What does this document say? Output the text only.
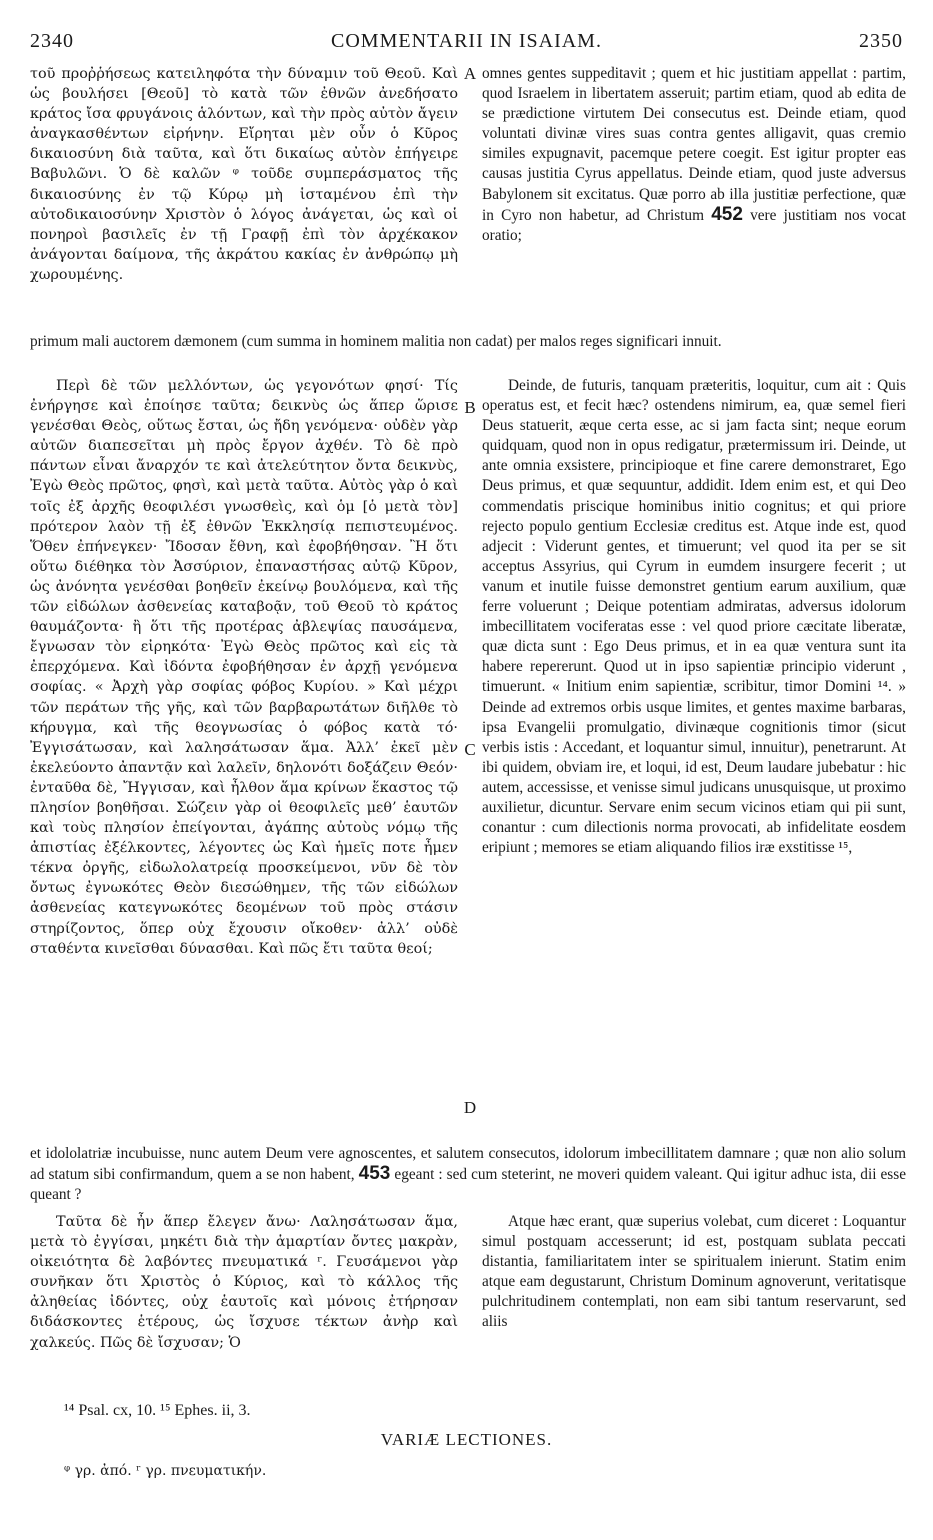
2340	COMMENTARII IN ISAIAM.	2350

τοῦ προῤῥήσεως κατειληφότα τὴν δύναμιν τοῦ Θεοῦ. Καὶ ὡς βουλήσει [Θεοῦ] τὸ κατὰ τῶν ἐθνῶν ἀνεδήσατο κράτος ἴσα φρυγάνοις ἁλόντων, καὶ τὴν πρὸς αὐτὸν ἄγειν ἀναγκασθέντων εἰρήνην. Εἴρηται μὲν οὖν ὁ Κῦρος δικαιοσύνη διὰ ταῦτα, καὶ ὅτι δικαίως αὐτὸν ἐπήγειρε Βαβυλῶνι. Ὁ δὲ καλῶν ᵠ τοῦδε συμπεράσματος τῆς δικαιοσύνης ἐν τῷ Κύρῳ μὴ ἱσταμένου ἐπὶ τὴν αὐτοδικαιοσύνην Χριστὸν ὁ λόγος ἀνάγεται, ὡς καὶ οἱ πονηροὶ βασιλεῖς ἐν τῇ Γραφῇ ἐπὶ τὸν ἀρχέκακον ἀνάγονται δαίμονα, τῆς ἀκράτου κακίας ἐν ἀνθρώπῳ μὴ χωρουμένης.

A omnes gentes suppeditavit ; quem et hic justitiam appellat : partim, quod Israelem in libertatem asseruit; partim etiam, quod ab edita de se prædictione virtutem Dei consecutus est. Deinde etiam, quod voluntati divinæ vires suas contra gentes alligavit, quas cremio similes expugnavit, pacemque petere coegit. Est igitur propter eas causas justitia Cyrus appellatus. Deinde etiam, quod juste adversus Babylonem sit excitatus. Quæ porro ab illa justitiæ perfectione, quæ in Cyro non habetur, ad Christum 452 vere justitiam nos vocat oratio;

primum mali auctorem dæmonem (cum summa in hominem malitia non cadat) per malos reges significari innuit.

Περὶ δὲ τῶν μελλόντων, ὡς γεγονότων φησί· Τίς ἐνήργησε καὶ ἐποίησε ταῦτα; δεικνὺς ὡς ἅπερ ὥρισε γενέσθαι Θεὸς, οὕτως ἔσται, ὡς ἤδη γενόμενα· οὐδὲν γὰρ αὐτῶν διαπεσεῖται μὴ πρὸς ἔργον ἀχθέν. Τὸ δὲ πρὸ πάντων εἶναι ἄναρχόν τε καὶ ἀτελεύτητον ὄντα δεικνὺς, Ἐγὼ Θεὸς πρῶτος, φησὶ, καὶ μετὰ ταῦτα. Αὐτὸς γὰρ ὁ καὶ τοῖς ἐξ ἀρχῆς θεοφιλέσι γνωσθεὶς, καὶ ὁμ [ὁ μετὰ τὸν] πρότερον λαὸν τῇ ἐξ ἐθνῶν Ἐκκλησίᾳ πεπιστευμένος. Ὅθεν ἐπήνεγκεν· Ἴδοσαν ἔθνη, καὶ ἐφοβήθησαν. Ἢ ὅτι οὕτω διέθηκα τὸν Ἀσσύριον, ἐπαναστήσας αὐτῷ Κῦρον, ὡς ἀνόνητα γενέσθαι βοηθεῖν ἐκείνῳ βουλόμενα, καὶ τῆς τῶν εἰδώλων ἀσθενείας καταβοᾷν, τοῦ Θεοῦ τὸ κράτος θαυμάζοντα· ἢ ὅτι τῆς προτέρας ἀβλεψίας παυσάμενα, ἔγνωσαν τὸν εἰρηκότα· Ἐγὼ Θεὸς πρῶτος καὶ εἰς τὰ ἐπερχόμενα. Καὶ ἰδόντα ἐφοβήθησαν ἐν ἀρχῇ γενόμενα σοφίας. « Ἀρχὴ γὰρ σοφίας φόβος Κυρίου. » Καὶ μέχρι τῶν περάτων τῆς γῆς, καὶ τῶν βαρβαρωτάτων διῆλθε τὸ κήρυγμα, καὶ τῆς θεογνωσίας ὁ φόβος κατὰ τό· Ἐγγισάτωσαν, καὶ λαλησάτωσαν ἅμα. Ἀλλ’ ἐκεῖ μὲν ἐκελεύοντο ἀπαντᾷν καὶ λαλεῖν, δηλονότι δοξάζειν Θεόν· ἐνταῦθα δὲ, Ἤγγισαν, καὶ ἦλθον ἅμα κρίνων ἕκαστος τῷ πλησίον βοηθῆσαι. Σώζειν γὰρ οἱ θεοφιλεῖς μεθ’ ἑαυτῶν καὶ τοὺς πλησίον ἐπείγονται, ἀγάπης αὐτοὺς νόμῳ τῆς ἀπιστίας ἐξέλκοντες, λέγοντες ὡς Καὶ ἡμεῖς ποτε ἦμεν τέκνα ὀργῆς, εἰδωλολατρείᾳ προσκείμενοι, νῦν δὲ τὸν ὄντως ἐγνωκότες Θεὸν διεσώθημεν, τῆς τῶν εἰδώλων ἀσθενείας κατεγνωκότες δεομένων τοῦ πρὸς στάσιν στηρίζοντος, ὅπερ οὐχ ἔχουσιν οἴκοθεν· ἀλλ’ οὐδὲ σταθέντα κινεῖσθαι δύνασθαι. Καὶ πῶς ἔτι ταῦτα θεοί;

B
C
D

Deinde, de futuris, tanquam præteritis, loquitur, cum ait : Quis operatus est, et fecit hæc? ostendens nimirum, ea, quæ semel fieri Deus statuerit, æque certa esse, ac si jam facta sint; neque eorum quidquam, quod non in opus redigatur, prætermissum iri. Deinde, ut ante omnia exsistere, principioque et fine carere demonstraret, Ego Deus primus, et quæ sequuntur, addidit. Idem enim est, et qui Deo commendatis priscique hominibus initio cognitus; et qui priore rejecto populo gentium Ecclesiæ creditus est. Atque inde est, quod adjecit : Viderunt gentes, et timuerunt; vel quod ita per se sit acceptus Assyrius, qui Cyrum in eumdem insurgere fecerit ; ut vanum et inutile fuisse demonstret gentium earum auxilium, quæ ferre voluerunt ; Deique potentiam admiratas, adversus idolorum imbecillitatem vociferatas esse : vel quod priore cæcitate liberatæ, quæ dicta sunt : Ego Deus primus, et in ea quæ ventura sunt ita habere repererunt. Quod ut in ipso sapientiæ principio viderunt , timuerunt. « Initium enim sapientiæ, scribitur, timor Domini ¹⁴. » Deinde ad extremos orbis usque limites, et gentes maxime barbaras, ipsa Evangelii promulgatio, divinæque cognitionis timor (sicut verbis istis : Accedant, et loquantur simul, innuitur), penetrarunt. At ibi quidem, obviam ire, et loqui, id est, Deum laudare jubebatur : hic autem, accessisse, et venisse simul judicans unusquisque, ut proximo auxilietur, dicuntur. Servare enim secum vicinos etiam qui pii sunt, conantur : cum dilectionis norma provocati, ab infidelitate eosdem eripiunt ; memores se etiam aliquando filios iræ exstitisse ¹⁵,

et idololatriæ incubuisse, nunc autem Deum vere agnoscentes, et salutem consecutos, idolorum imbecillitatem damnare ; quæ non alio solum ad statum sibi confirmandum, quem a se non habent, 453 egeant : sed cum steterint, ne moveri quidem valeant. Qui igitur adhuc ista, dii esse queant ?

Ταῦτα δὲ ἦν ἅπερ ἔλεγεν ἄνω· Λαλησάτωσαν ἅμα, μετὰ τὸ ἐγγίσαι, μηκέτι διὰ τὴν ἁμαρτίαν ὄντες μακρὰν, οἰκειότητα δὲ λαβόντες πνευματικά ʳ. Γευσάμενοι γὰρ συνῆκαν ὅτι Χριστὸς ὁ Κύριος, καὶ τὸ κάλλος τῆς ἀληθείας ἰδόντες, οὐχ ἑαυτοῖς καὶ μόνοις ἐτήρησαν διδάσκοντες ἑτέρους, ὡς ἴσχυσε τέκτων ἀνὴρ καὶ χαλκεύς. Πῶς δὲ ἴσχυσαν; Ὁ

Atque hæc erant, quæ superius volebat, cum diceret : Loquantur simul postquam accesserunt; id est, postquam sublata peccati distantia, familiaritatem inter se spiritualem inierunt. Statim enim atque eam degustarunt, Christum Dominum agnoverunt, veritatisque pulchritudinem contemplati, non eam sibi tantum reservarunt, sed aliis

¹⁴ Psal. cx, 10. ¹⁵ Ephes. ii, 3.
VARIÆ LECTIONES.
ᵠ γρ. ἀπό. ʳ γρ. πνευματικήν.
